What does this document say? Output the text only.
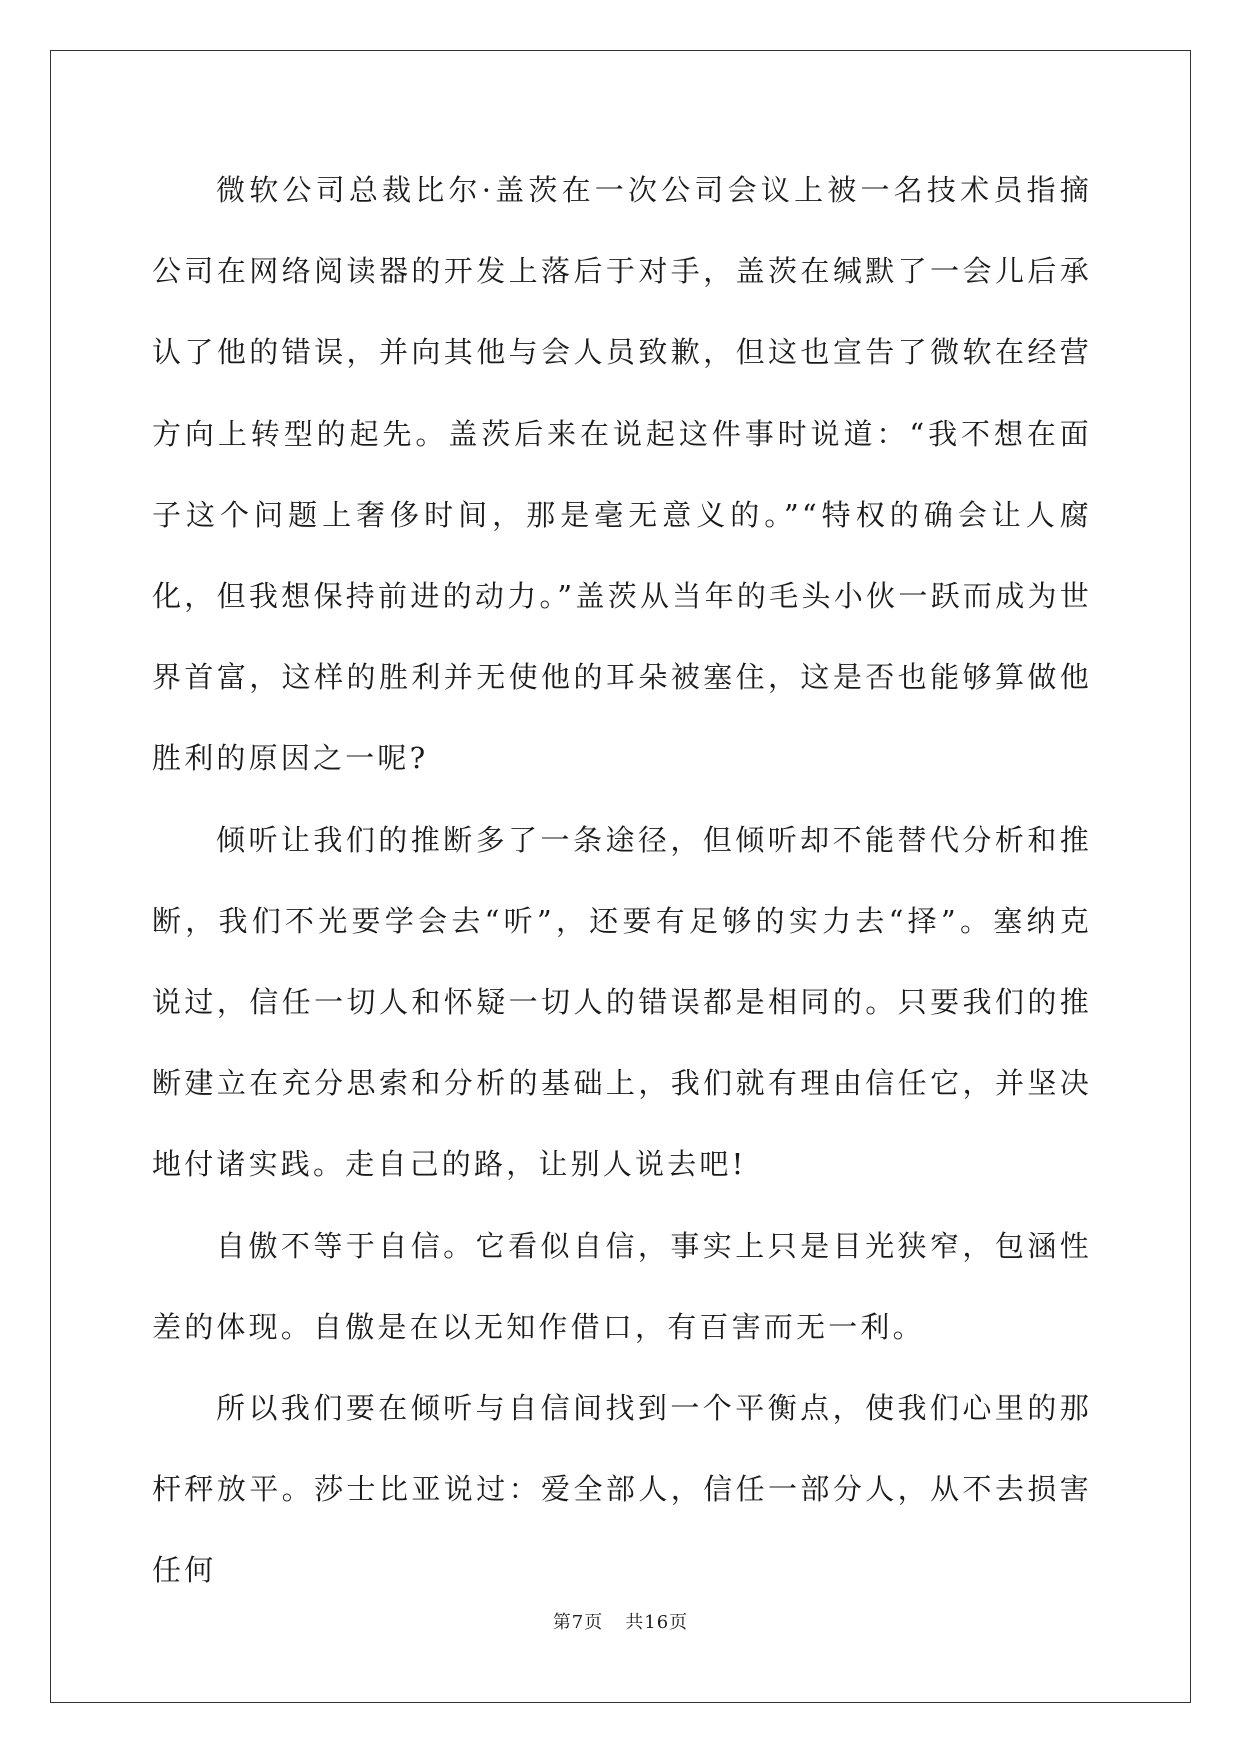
微软公司总裁比尔·盖茨在一次公司会议上被一名技术员指摘公司在网络阅读器的开发上落后于对手，盖茨在缄默了一会儿后承认了他的错误，并向其他与会人员致歉，但这也宣告了微软在经营方向上转型的起先。盖茨后来在说起这件事时说道：“我不想在面子这个问题上奢侈时间，那是毫无意义的。”“特权的确会让人腐化，但我想保持前进的动力。”盖茨从当年的毛头小伙一跃而成为世界首富，这样的胜利并无使他的耳朵被塞住，这是否也能够算做他胜利的原因之一呢?

倾听让我们的推断多了一条途径，但倾听却不能替代分析和推断，我们不光要学会去“听”，还要有足够的实力去“择”。塞纳克说过，信任一切人和怀疑一切人的错误都是相同的。只要我们的推断建立在充分思索和分析的基础上，我们就有理由信任它，并坚决地付诸实践。走自己的路，让别人说去吧!

自傲不等于自信。它看似自信，事实上只是目光狭窄，包涵性差的体现。自傲是在以无知作借口，有百害而无一利。

所以我们要在倾听与自信间找到一个平衡点，使我们心里的那杆秤放平。莎士比亚说过：爱全部人，信任一部分人，从不去损害任何

第7页 共16页
